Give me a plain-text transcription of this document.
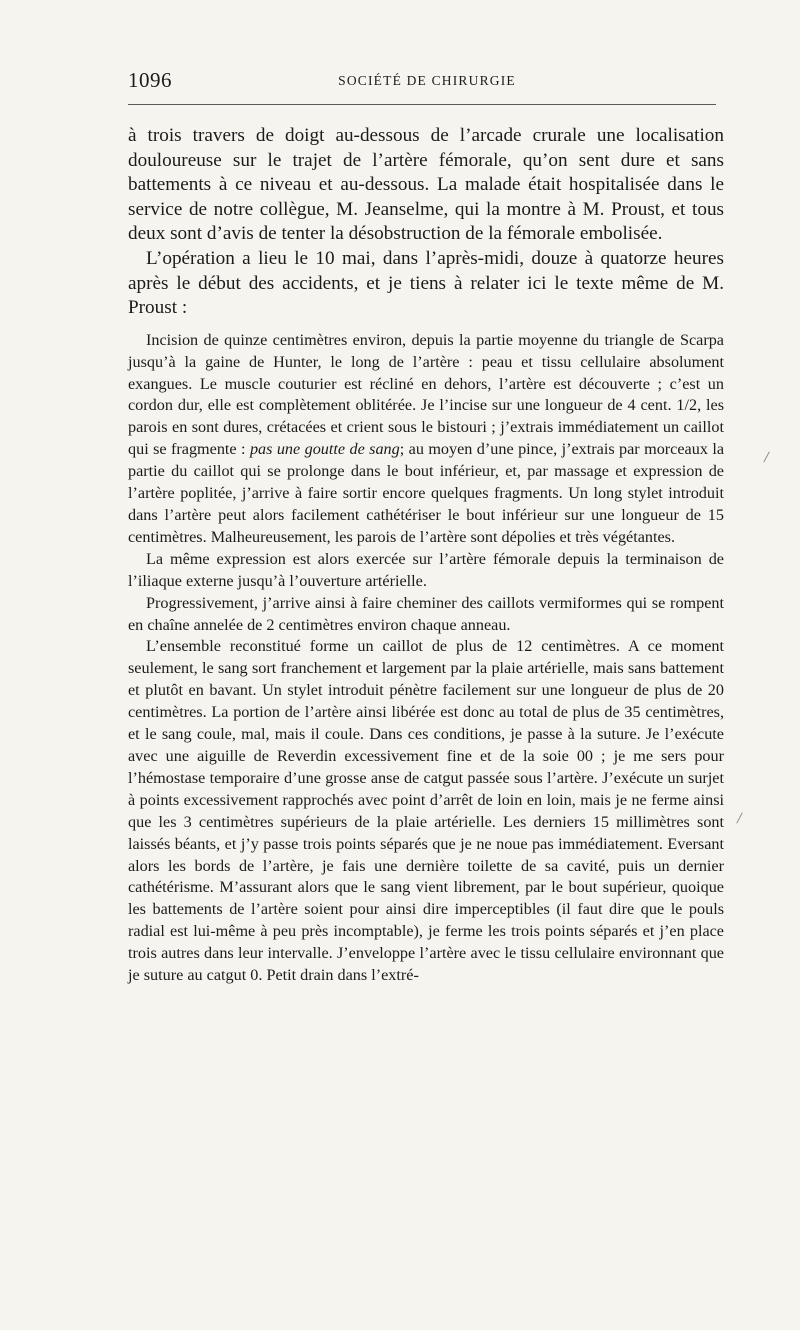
1096	SOCIÉTÉ DE CHIRURGIE

à trois travers de doigt au-dessous de l’arcade crurale une localisation douloureuse sur le trajet de l’artère fémorale, qu’on sent dure et sans battements à ce niveau et au-dessous. La malade était hospitalisée dans le service de notre collègue, M. Jeanselme, qui la montre à M. Proust, et tous deux sont d’avis de tenter la désobstruction de la fémorale embolisée.

L’opération a lieu le 10 mai, dans l’après-midi, douze à quatorze heures après le début des accidents, et je tiens à relater ici le texte même de M. Proust :

Incision de quinze centimètres environ, depuis la partie moyenne du triangle de Scarpa jusqu’à la gaine de Hunter, le long de l’artère : peau et tissu cellulaire absolument exangues. Le muscle couturier est récliné en dehors, l’artère est découverte ; c’est un cordon dur, elle est complètement oblitérée. Je l’incise sur une longueur de 4 cent. 1/2, les parois en sont dures, crétacées et crient sous le bistouri ; j’extrais immédiatement un caillot qui se fragmente : pas une goutte de sang; au moyen d’une pince, j’extrais par morceaux la partie du caillot qui se prolonge dans le bout inférieur, et, par massage et expression de l’artère poplitée, j’arrive à faire sortir encore quelques fragments. Un long stylet introduit dans l’artère peut alors facilement cathétériser le bout inférieur sur une longueur de 15 centimètres. Malheureusement, les parois de l’artère sont dépolies et très végétantes.

La même expression est alors exercée sur l’artère fémorale depuis la terminaison de l’iliaque externe jusqu’à l’ouverture artérielle.

Progressivement, j’arrive ainsi à faire cheminer des caillots vermiformes qui se rompent en chaîne annelée de 2 centimètres environ chaque anneau.

L’ensemble reconstitué forme un caillot de plus de 12 centimètres. A ce moment seulement, le sang sort franchement et largement par la plaie artérielle, mais sans battement et plutôt en bavant. Un stylet introduit pénètre facilement sur une longueur de plus de 20 centimètres. La portion de l’artère ainsi libérée est donc au total de plus de 35 centimètres, et le sang coule, mal, mais il coule. Dans ces conditions, je passe à la suture. Je l’exécute avec une aiguille de Reverdin excessivement fine et de la soie 00 ; je me sers pour l’hémostase temporaire d’une grosse anse de catgut passée sous l’artère. J’exécute un surjet à points excessivement rapprochés avec point d’arrêt de loin en loin, mais je ne ferme ainsi que les 3 centimètres supérieurs de la plaie artérielle. Les derniers 15 millimètres sont laissés béants, et j’y passe trois points séparés que je ne noue pas immédiatement. Eversant alors les bords de l’artère, je fais une dernière toilette de sa cavité, puis un dernier cathétérisme. M’assurant alors que le sang vient librement, par le bout supérieur, quoique les battements de l’artère soient pour ainsi dire imperceptibles (il faut dire que le pouls radial est lui-même à peu près incomptable), je ferme les trois points séparés et j’en place trois autres dans leur intervalle. J’enveloppe l’artère avec le tissu cellulaire environnant que je suture au catgut 0. Petit drain dans l’extré-
